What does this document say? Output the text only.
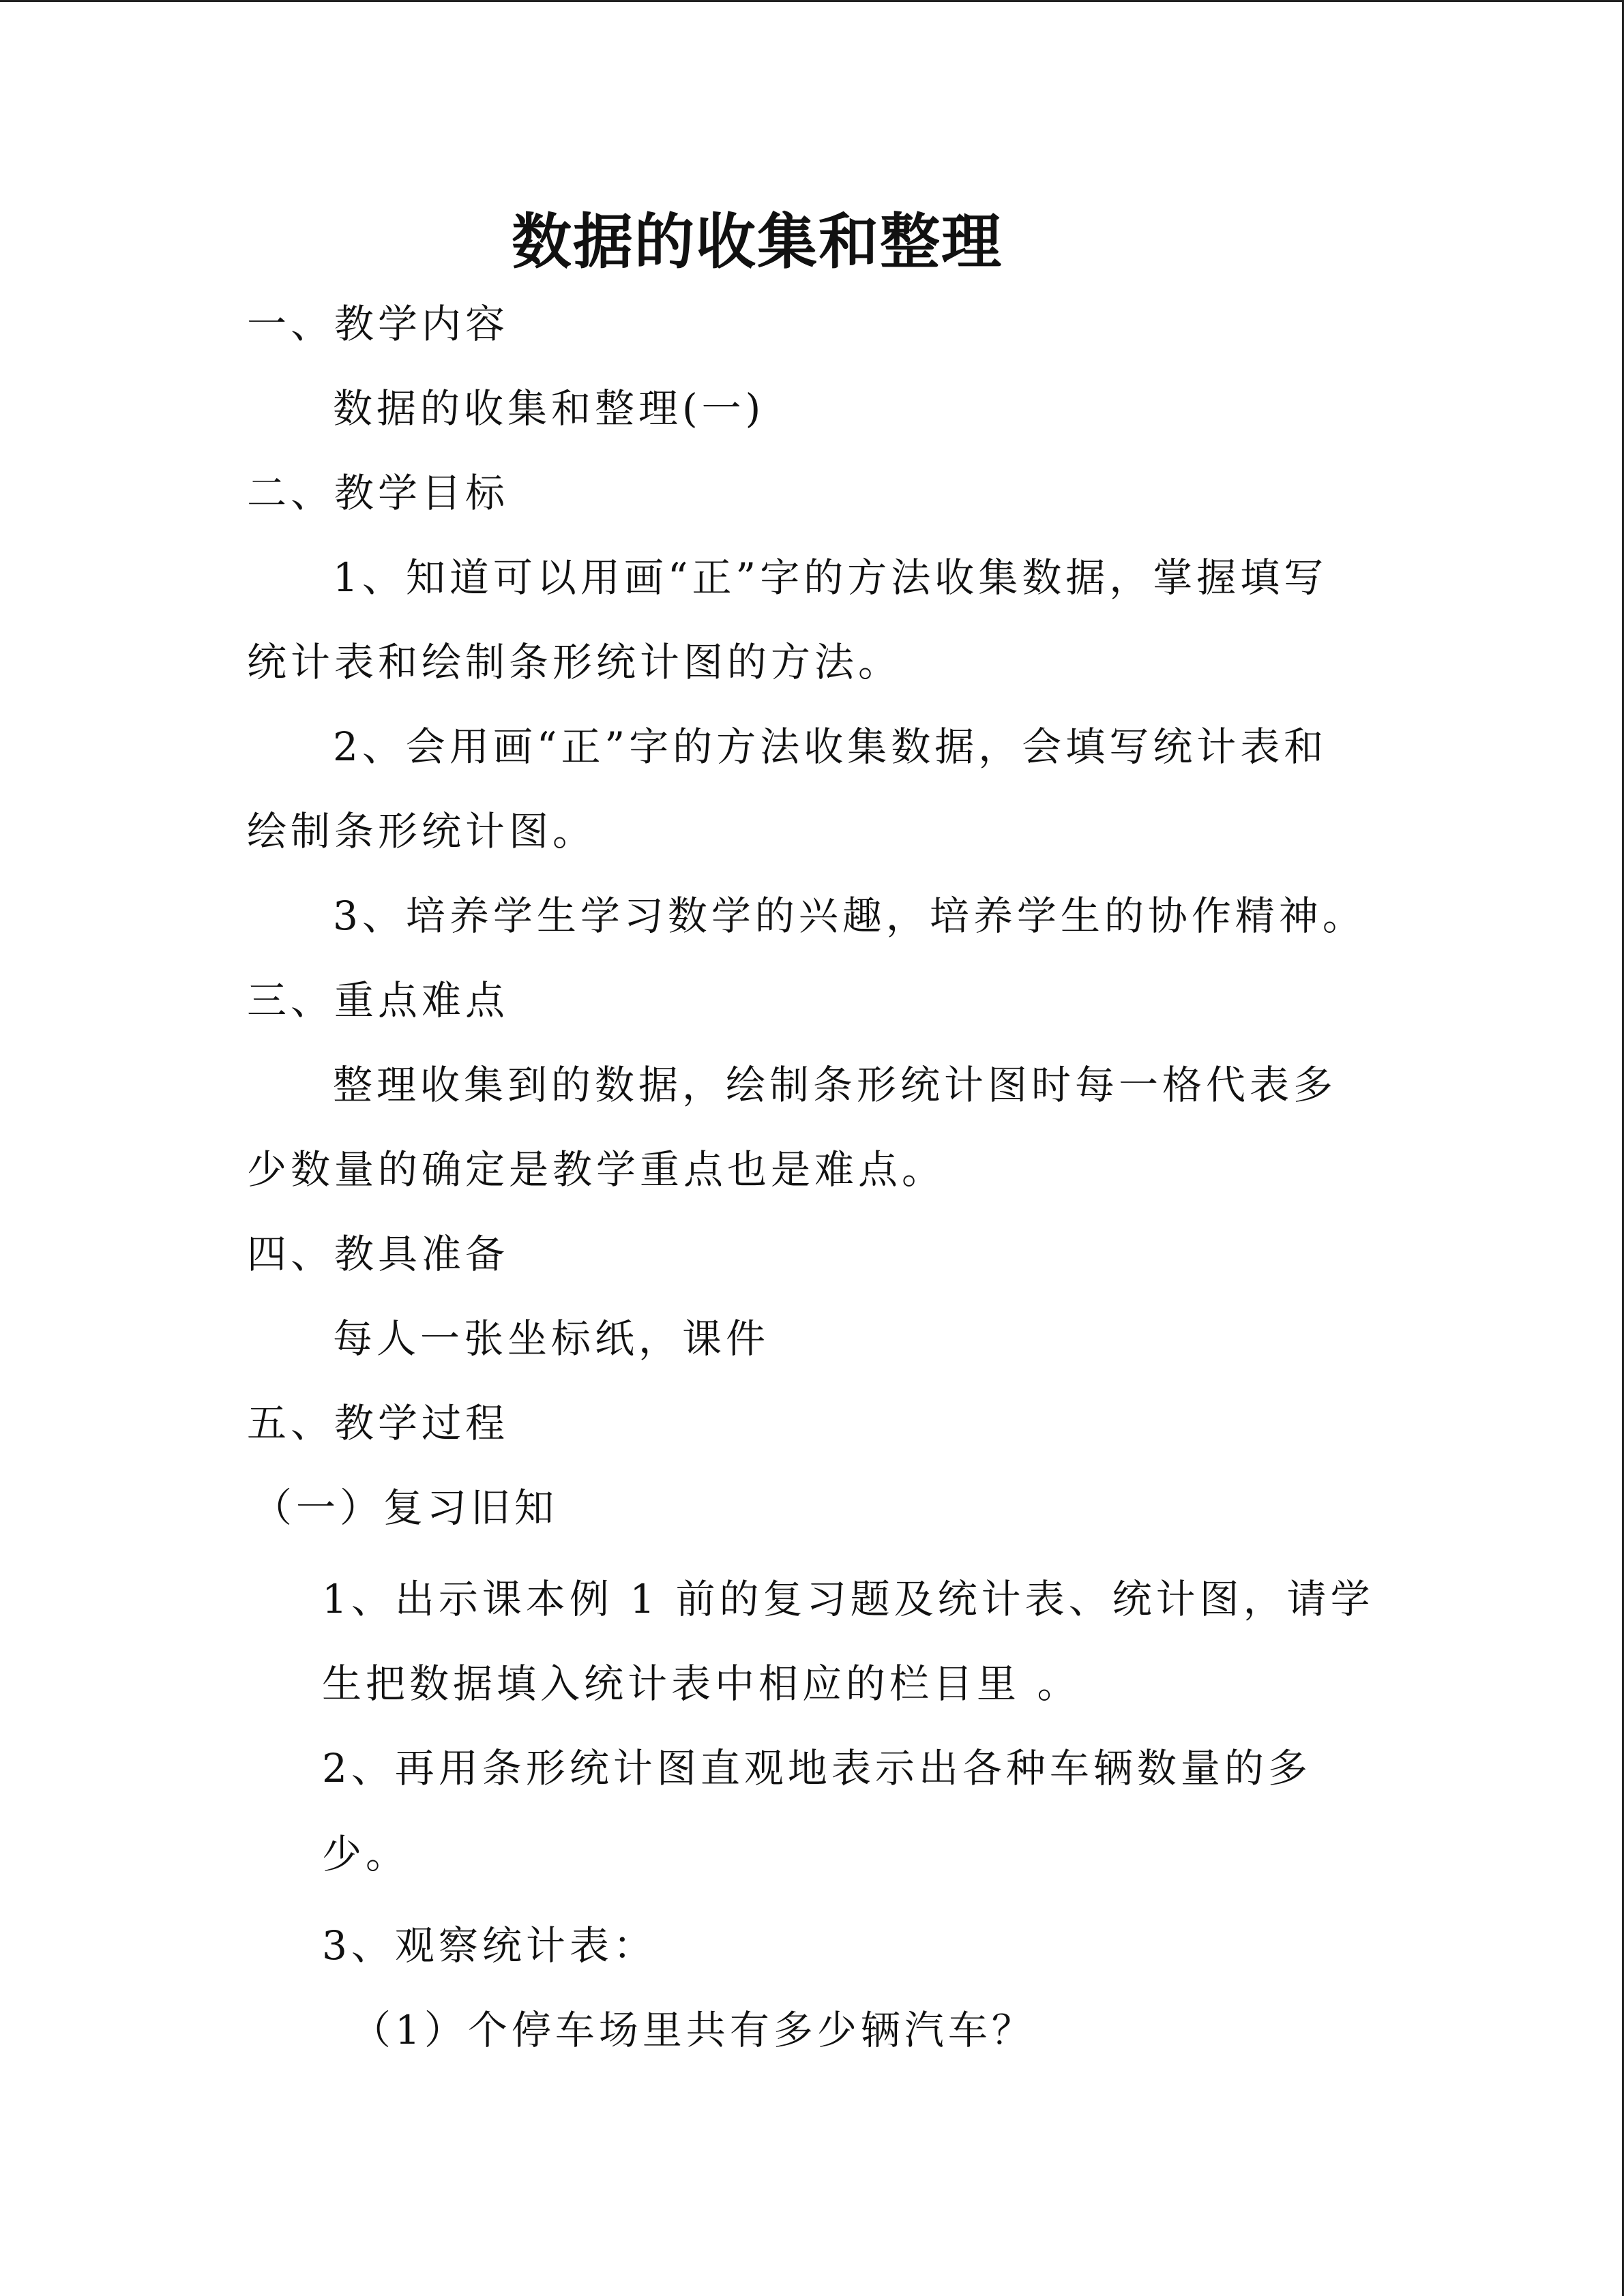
数据的收集和整理
一、教学内容
数据的收集和整理(一)
二、教学目标
1、知道可以用画“正”字的方法收集数据，掌握填写
统计表和绘制条形统计图的方法。
2、会用画“正”字的方法收集数据，会填写统计表和
绘制条形统计图。
3、培养学生学习数学的兴趣，培养学生的协作精神。
三、重点难点
整理收集到的数据，绘制条形统计图时每一格代表多
少数量的确定是教学重点也是难点。
四、教具准备
每人一张坐标纸，课件
五、教学过程
（一）复习旧知
1、出示课本例 1 前的复习题及统计表、统计图，请学
生把数据填入统计表中相应的栏目里 。
2、再用条形统计图直观地表示出各种车辆数量的多
少。
3、观察统计表：
（1）个停车场里共有多少辆汽车？
